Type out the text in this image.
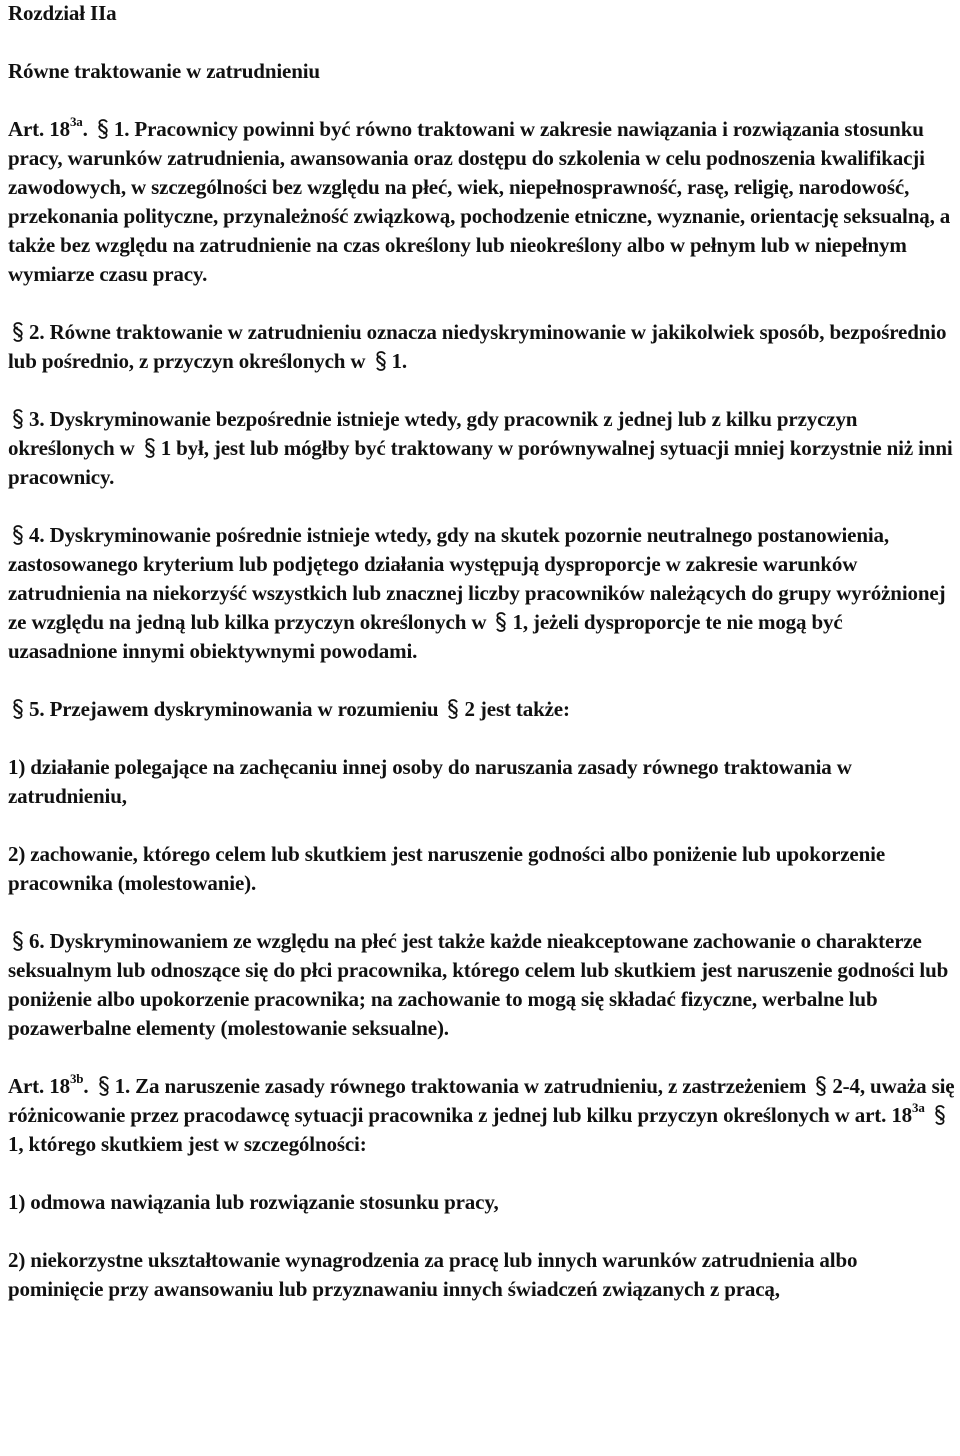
Rozdział IIa

Równe traktowanie w zatrudnieniu

Art. $18^{3a}$. 1. Pracownicy powinni być równo traktowani w zakresie nawiązania i rozwiązania stosunku pracy, warunków zatrudnienia, awansowania oraz dostępu do szkolenia w celu podnoszenia kwalifikacji zawodowych, w szczególności bez względu na płeć, wiek, niepełnosprawność, rasę, religię, narodowość, przekonania polityczne, przynależność związkową, pochodzenie etniczne, wyznanie, orientację seksualną, a także bez względu na zatrudnienie na czas określony lub nieokreślony albo w pełnym lub w niepełnym wymiarze czasu pracy.

2. Równe traktowanie w zatrudnieniu oznacza niedyskryminowanie w jakikolwiek sposób, bezpośrednio lub pośrednio, z przyczyn określonych w 1.

3. Dyskryminowanie bezpośrednie istnieje wtedy, gdy pracownik z jednej lub z kilku przyczyn określonych w 1 był, jest lub mógłby być traktowany w porównywalnej sytuacji mniej korzystnie niż inni pracownicy.

4. Dyskryminowanie pośrednie istnieje wtedy, gdy na skutek pozornie neutralnego postanowienia, zastosowanego kryterium lub podjętego działania występują dysproporcje w zakresie warunków zatrudnienia na niekorzyść wszystkich lub znacznej liczby pracowników należących do grupy wyróżnionej ze względu na jedną lub kilka przyczyn określonych w 1, jeżeli dysproporcje te nie mogą być uzasadnione innymi obiektywnymi powodami.

5. Przejawem dyskryminowania w rozumieniu 2 jest także:

1) działanie polegające na zachęcaniu innej osoby do naruszania zasady równego traktowania w zatrudnieniu,

2) zachowanie, którego celem lub skutkiem jest naruszenie godności albo poniżenie lub upokorzenie pracownika (molestowanie).

6. Dyskryminowaniem ze względu na płeć jest także każde nieakceptowane zachowanie o charakterze seksualnym lub odnoszące się do płci pracownika, którego celem lub skutkiem jest naruszenie godności lub poniżenie albo upokorzenie pracownika; na zachowanie to mogą się składać fizyczne, werbalne lub pozawerbalne elementy (molestowanie seksualne).

Art. $18^{3b}$. 1. Za naruszenie zasady równego traktowania w zatrudnieniu, z zastrzeżeniem 2-4, uważa się różnicowanie przez pracodawcę sytuacji pracownika z jednej lub kilku przyczyn określonych w art. $18^{3a}$
1, którego skutkiem jest w szczególności:

1) odmowa nawiązania lub rozwiązanie stosunku pracy,

2) niekorzystne ukształtowanie wynagrodzenia za pracę lub innych warunków zatrudnienia albo pominięcie przy awansowaniu lub przyznawaniu innych świadczeń związanych z pracą,
